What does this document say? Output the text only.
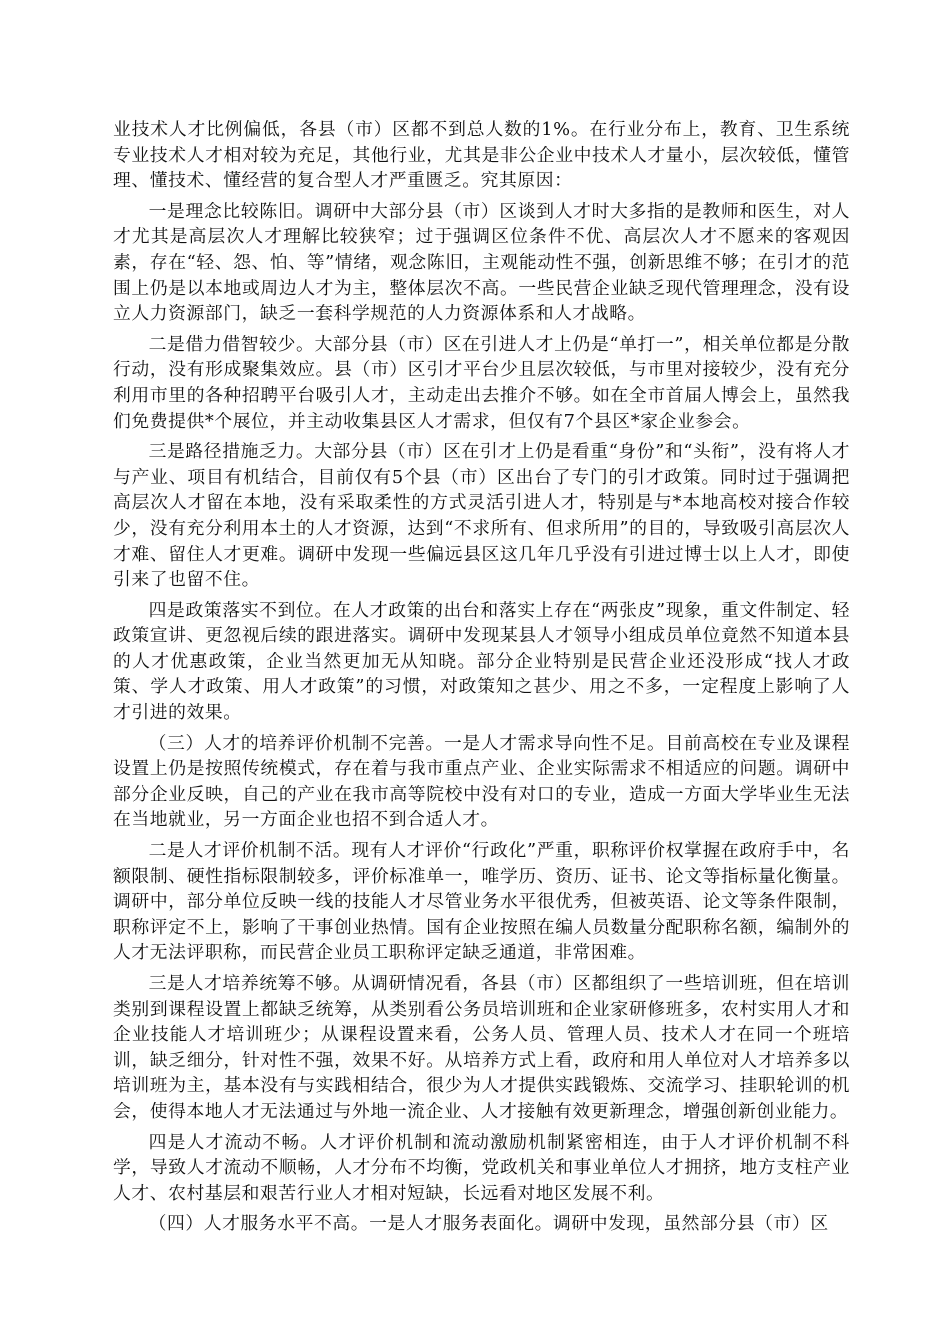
业技术人才比例偏低，各县（市）区都不到总人数的1%。在行业分布上，教育、卫生系统专业技术人才相对较为充足，其他行业，尤其是非公企业中技术人才量小，层次较低，懂管理、懂技术、懂经营的复合型人才严重匮乏。究其原因：

一是理念比较陈旧。调研中大部分县（市）区谈到人才时大多指的是教师和医生，对人才尤其是高层次人才理解比较狭窄；过于强调区位条件不优、高层次人才不愿来的客观因素，存在“轻、怨、怕、等”情绪，观念陈旧，主观能动性不强，创新思维不够；在引才的范围上仍是以本地或周边人才为主，整体层次不高。一些民营企业缺乏现代管理理念，没有设立人力资源部门，缺乏一套科学规范的人力资源体系和人才战略。

二是借力借智较少。大部分县（市）区在引进人才上仍是“单打一”，相关单位都是分散行动，没有形成聚集效应。县（市）区引才平台少且层次较低，与市里对接较少，没有充分利用市里的各种招聘平台吸引人才，主动走出去推介不够。如在全市首届人博会上，虽然我们免费提供*个展位，并主动收集县区人才需求，但仅有7个县区*家企业参会。

三是路径措施乏力。大部分县（市）区在引才上仍是看重“身份”和“头衔”，没有将人才与产业、项目有机结合，目前仅有5个县（市）区出台了专门的引才政策。同时过于强调把高层次人才留在本地，没有采取柔性的方式灵活引进人才，特别是与*本地高校对接合作较少，没有充分利用本土的人才资源，达到“不求所有、但求所用”的目的，导致吸引高层次人才难、留住人才更难。调研中发现一些偏远县区这几年几乎没有引进过博士以上人才，即使引来了也留不住。

四是政策落实不到位。在人才政策的出台和落实上存在“两张皮”现象，重文件制定、轻政策宣讲、更忽视后续的跟进落实。调研中发现某县人才领导小组成员单位竟然不知道本县的人才优惠政策，企业当然更加无从知晓。部分企业特别是民营企业还没形成“找人才政策、学人才政策、用人才政策”的习惯，对政策知之甚少、用之不多，一定程度上影响了人才引进的效果。

（三）人才的培养评价机制不完善。一是人才需求导向性不足。目前高校在专业及课程设置上仍是按照传统模式，存在着与我市重点产业、企业实际需求不相适应的问题。调研中部分企业反映，自己的产业在我市高等院校中没有对口的专业，造成一方面大学毕业生无法在当地就业，另一方面企业也招不到合适人才。

二是人才评价机制不活。现有人才评价“行政化”严重，职称评价权掌握在政府手中，名额限制、硬性指标限制较多，评价标准单一，唯学历、资历、证书、论文等指标量化衡量。调研中，部分单位反映一线的技能人才尽管业务水平很优秀，但被英语、论文等条件限制，职称评定不上，影响了干事创业热情。国有企业按照在编人员数量分配职称名额，编制外的人才无法评职称，而民营企业员工职称评定缺乏通道，非常困难。

三是人才培养统筹不够。从调研情况看，各县（市）区都组织了一些培训班，但在培训类别到课程设置上都缺乏统筹，从类别看公务员培训班和企业家研修班多，农村实用人才和企业技能人才培训班少；从课程设置来看，公务人员、管理人员、技术人才在同一个班培训，缺乏细分，针对性不强，效果不好。从培养方式上看，政府和用人单位对人才培养多以培训班为主，基本没有与实践相结合，很少为人才提供实践锻炼、交流学习、挂职轮训的机会，使得本地人才无法通过与外地一流企业、人才接触有效更新理念，增强创新创业能力。

四是人才流动不畅。人才评价机制和流动激励机制紧密相连，由于人才评价机制不科学，导致人才流动不顺畅，人才分布不均衡，党政机关和事业单位人才拥挤，地方支柱产业人才、农村基层和艰苦行业人才相对短缺，长远看对地区发展不利。

（四）人才服务水平不高。一是人才服务表面化。调研中发现，虽然部分县（市）区
